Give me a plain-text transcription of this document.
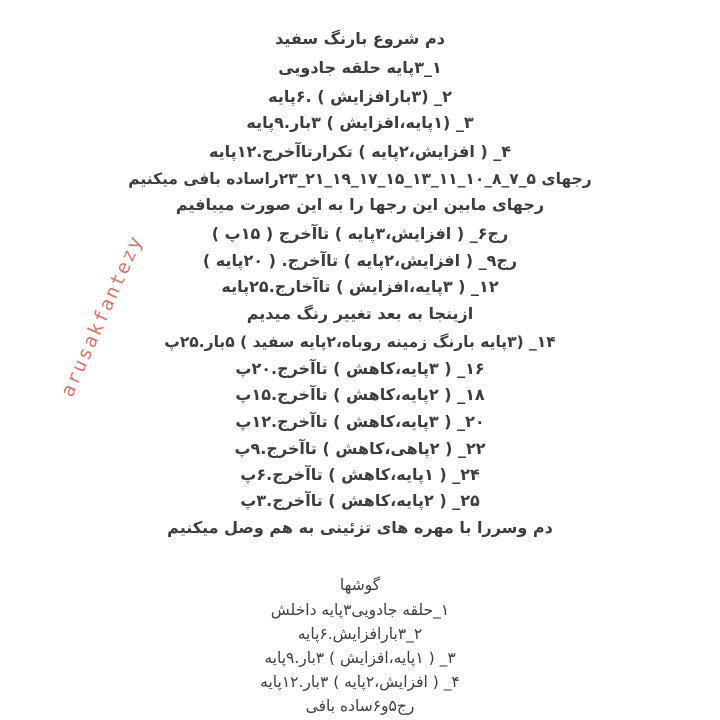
دم شروع بارنگ سفید
۱_۳پایه حلقه جادویی
۲_ (۳بارافزایش ) .۶پایه
۳_ (۱پایه،افزایش ) ۳بار.۹پایه
۴_ ( افزایش،۲پایه ) تکرارتاآخرج.۱۲پایه
رجهای ۵_۷_۸_۱۰_۱۱_۱۳_۱۵_۱۷_۱۹_۲۱_۲۳راساده بافی میکنیم
رجهای مابین این رجها را به این صورت میبافیم
رج۶_ ( افزایش،۳پایه ) تاآخرج ( ۱۵پ )
رج۹_ ( افزایش،۲پایه ) تاآخرج. ( ۲۰پایه )
۱۲_ ( ۳پایه،افزایش ) تاآخارج.۲۵پایه
ازینجا به بعد تغییر رنگ میدیم
۱۴_ (۳پایه بارنگ زمینه روباه،۲پایه سفید ) ۵بار.۲۵پ
۱۶_ ( ۳پایه،کاهش ) تاآخرج.۲۰پ
۱۸_ ( ۲پایه،کاهش ) تاآخرج.۱۵پ
۲۰_ ( ۳پایه،کاهش ) تاآخرج.۱۲پ
۲۲_ ( ۲پاهی،کاهش ) تاآخرج.۹پ
۲۴_ ( ۱پایه،کاهش ) تاآخرج.۶پ
۲۵_ ( ۲پایه،کاهش ) تاآخرج.۳پ
دم وسررا با مهره های تزئینی به هم وصل میکنیم
گوشها
۱_حلقه جادویی۳پایه داخلش
۲_۳بارافزایش.۶پایه
۳_ ( ۱پایه،افزایش ) ۳بار.۹پایه
۴_ ( افزایش،۲پایه ) ۳بار.۱۲پایه
رج۵و۶ساده بافی
arusakfantezy
